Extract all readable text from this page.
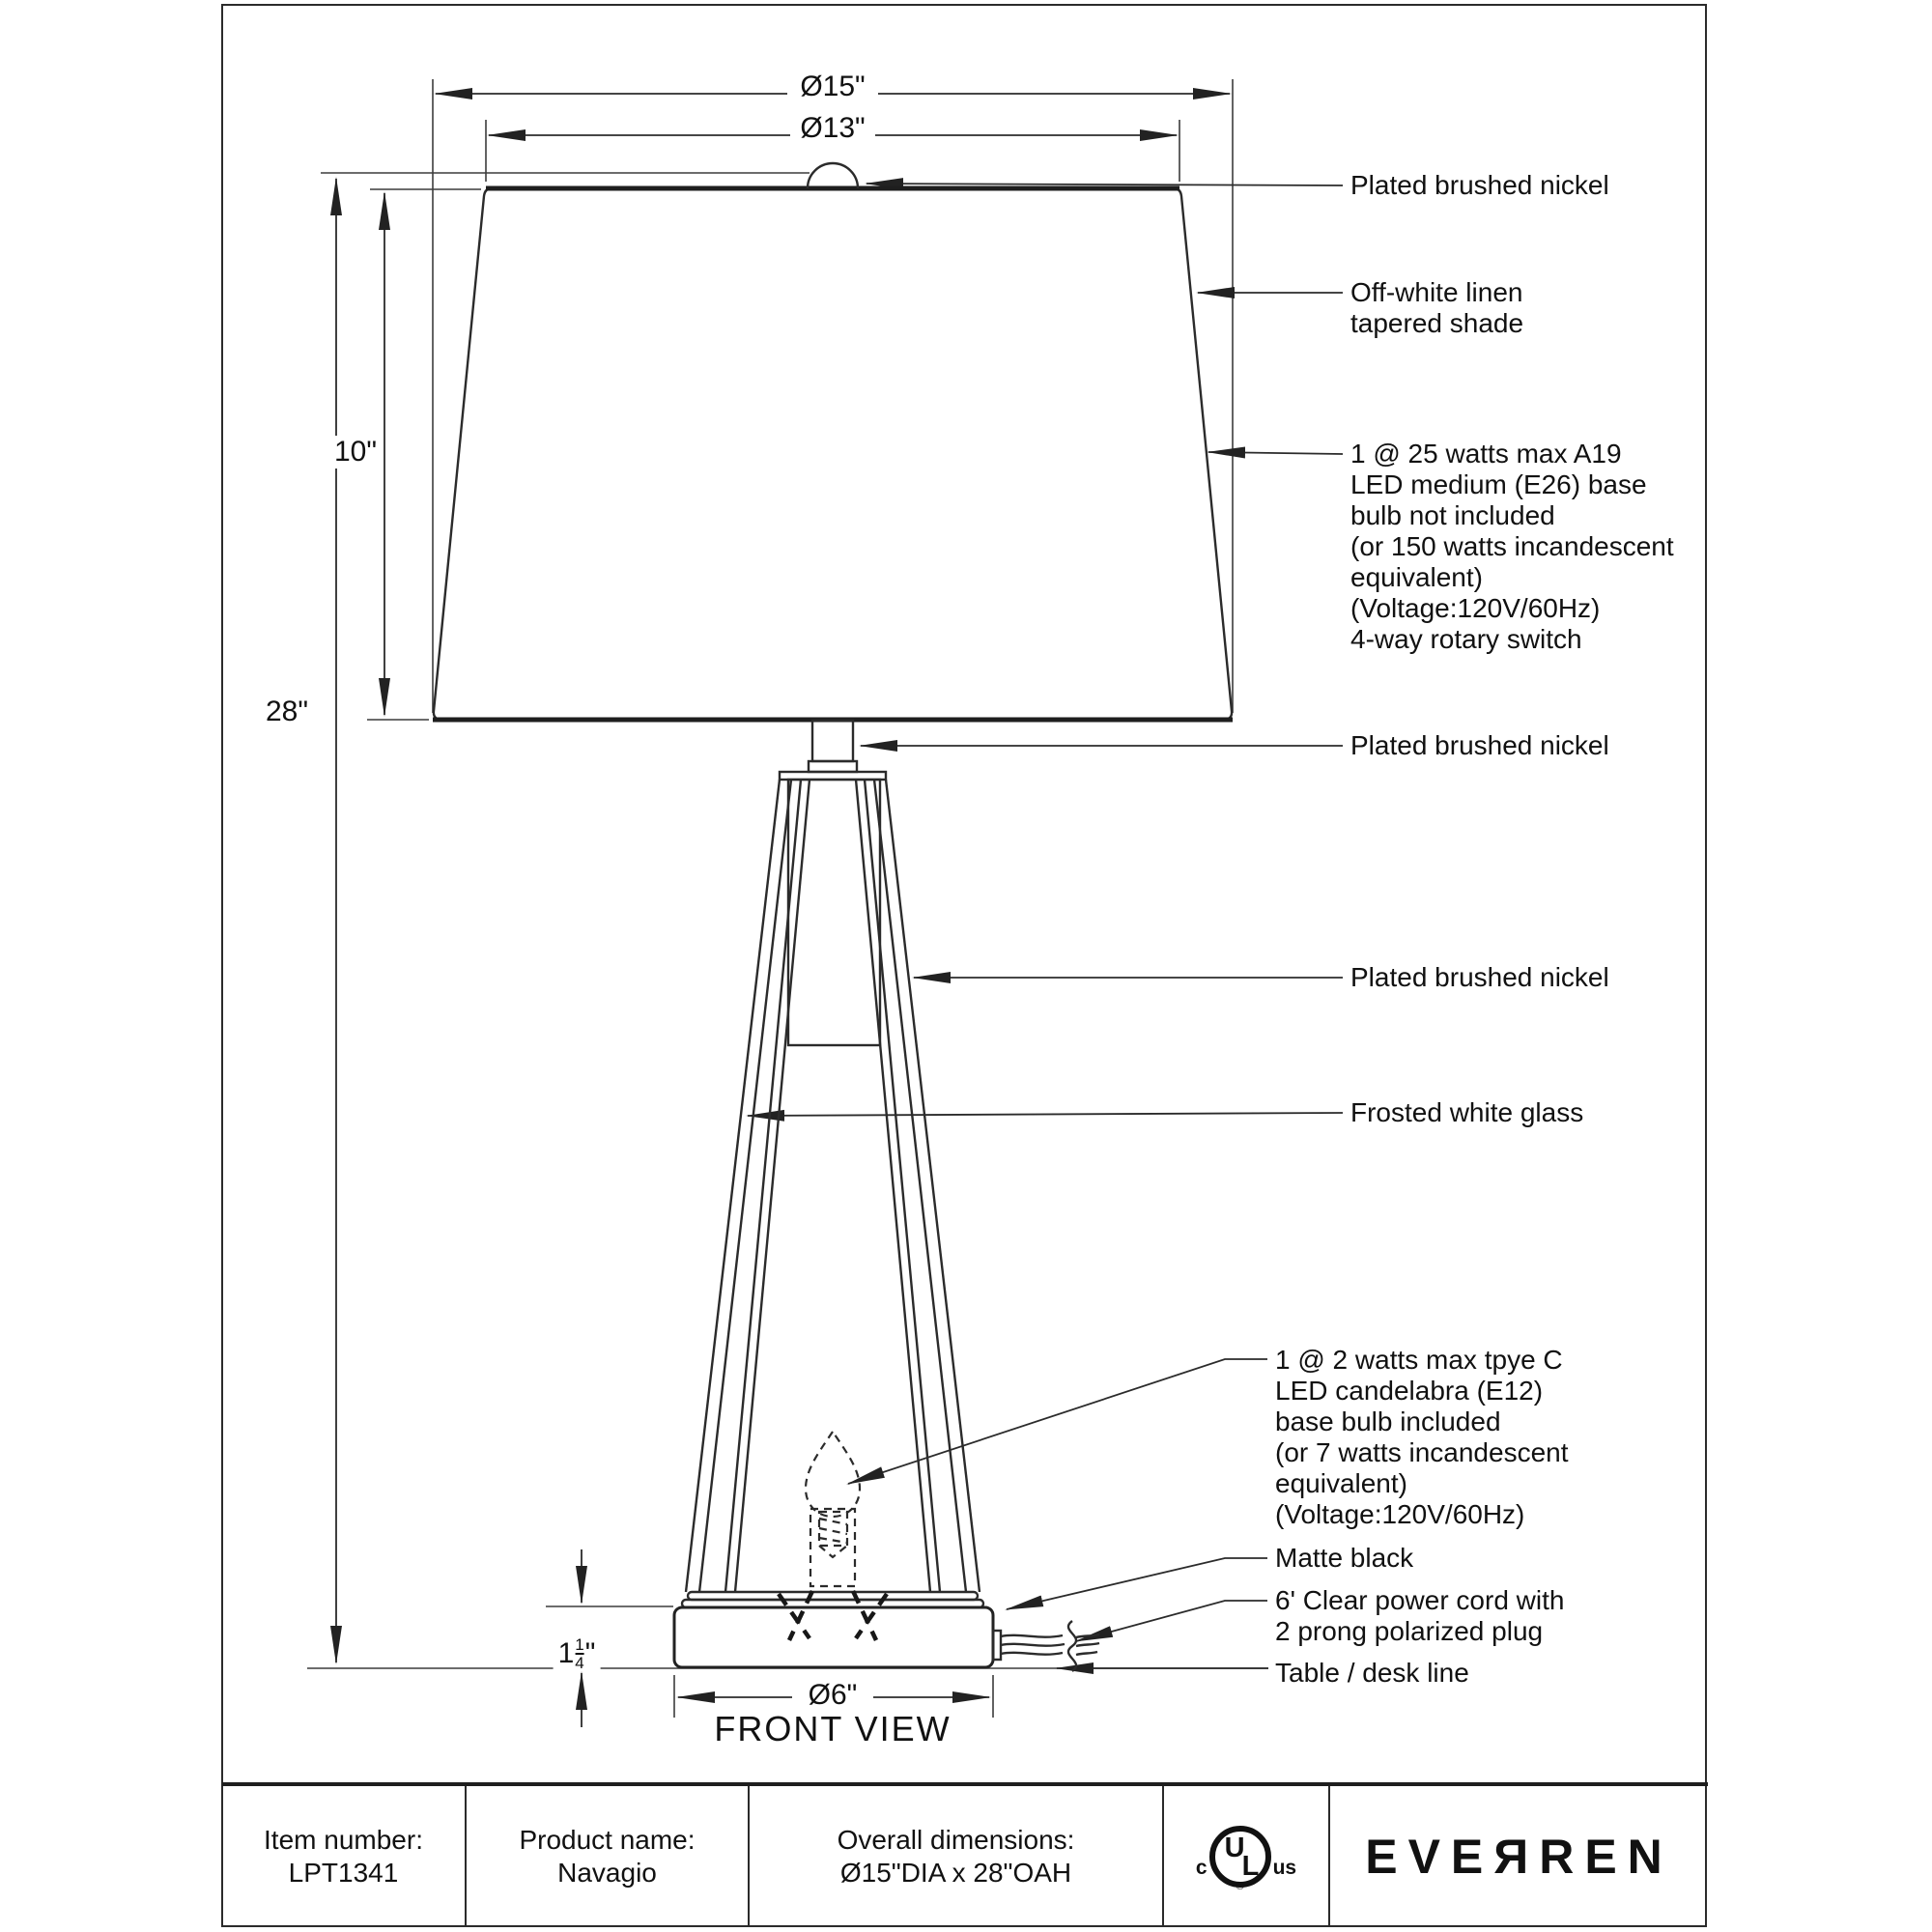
Ø15"
Ø13"
10"
28"
Ø6"
$1 \frac{1}{4}$ "
FRONT VIEW
Plated brushed nickel
Off-white linen
tapered shade
1 @ 25 watts max A19
LED medium (E26) base
bulb not included
(or 150 watts incandescent
equivalent)
(Voltage:120V/60Hz)
4-way rotary switch
Plated brushed nickel
Plated brushed nickel
Frosted white glass
1 @ 2 watts max tpye C
LED candelabra (E12)
base bulb included
(or 7 watts incandescent
equivalent)
(Voltage:120V/60Hz)
Matte black
6' Clear power cord with
2 prong polarized plug
Table / desk line
Item number:
LPT1341
Product name:
Navagio
Overall dimensions:
Ø15"DIA x 28"OAH	c
U
L
®
us EVEЯREN
